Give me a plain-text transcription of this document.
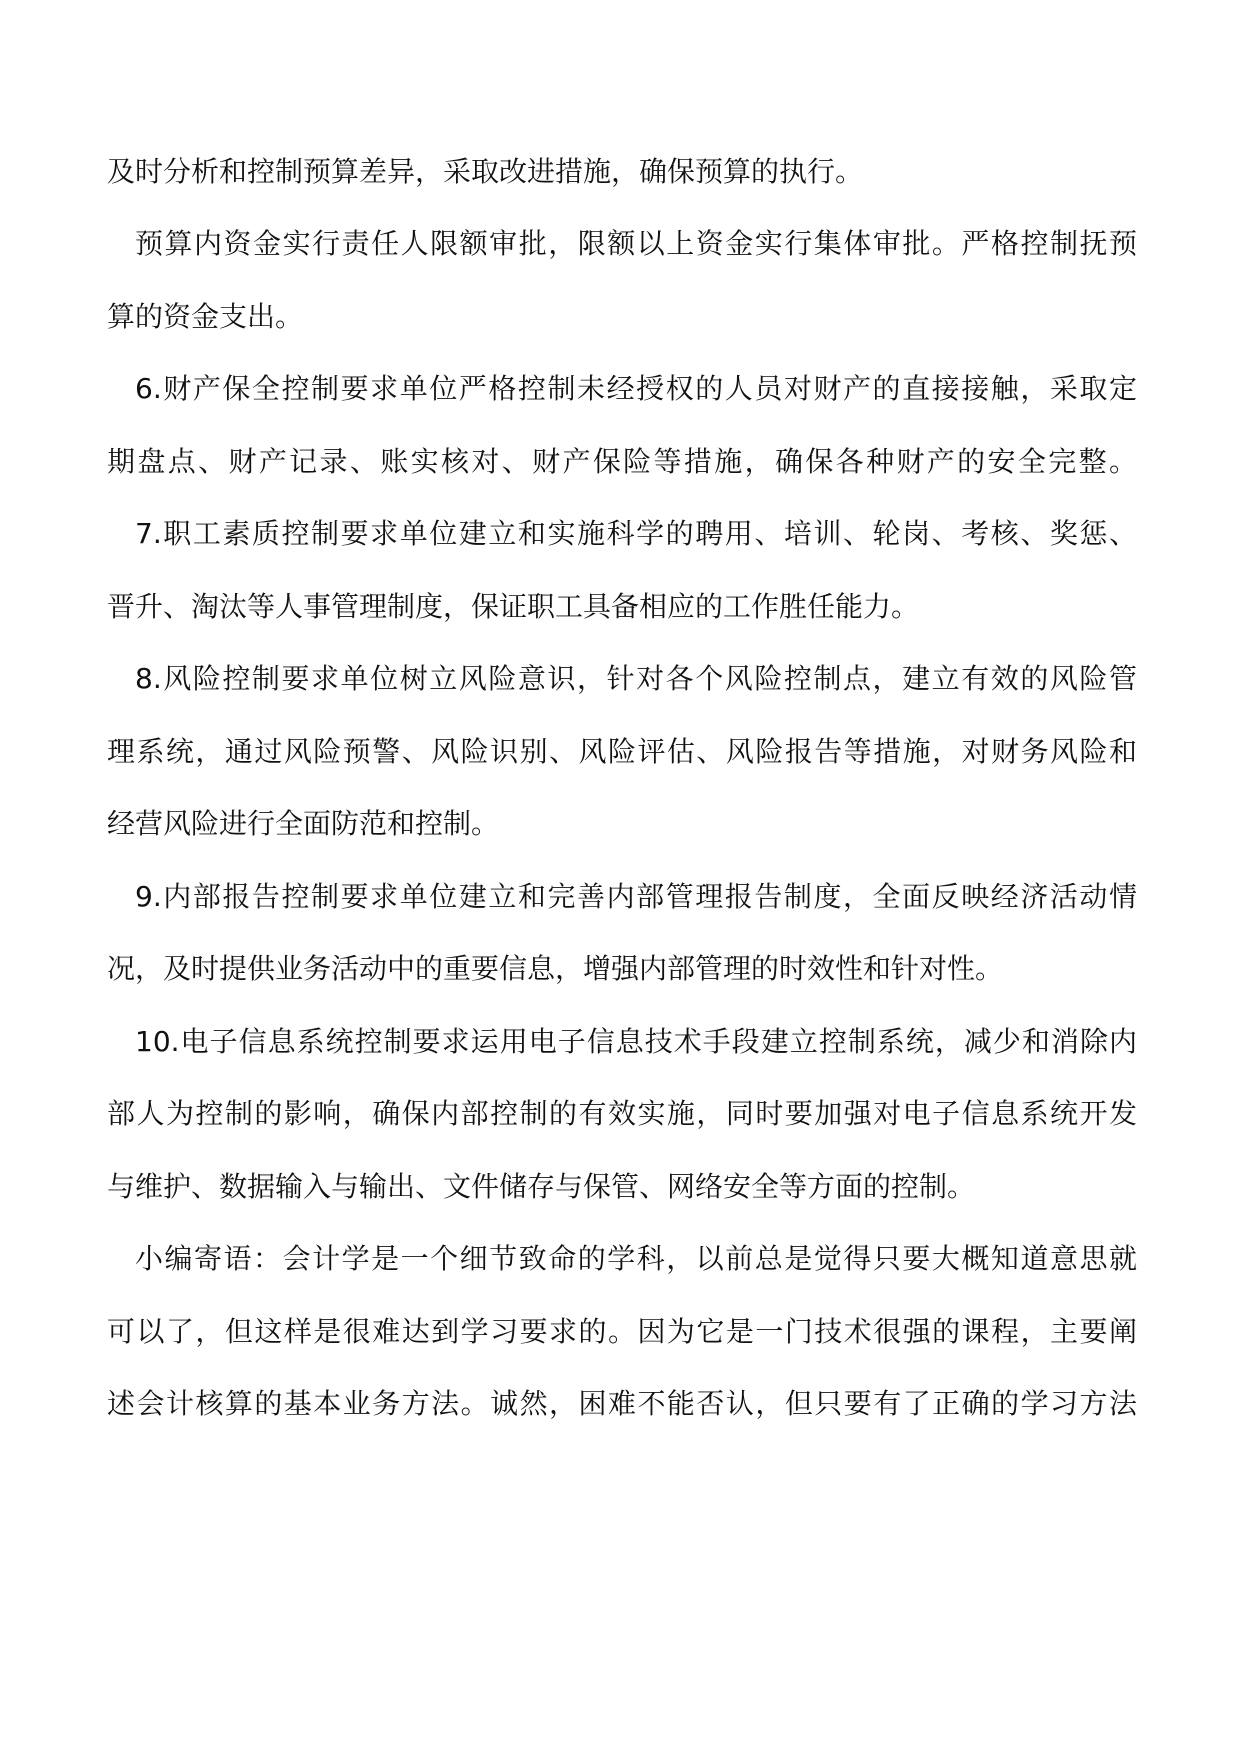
及时分析和控制预算差异，采取改进措施，确保预算的执行。
预算内资金实行责任人限额审批，限额以上资金实行集体审批。严格控制抚预
算的资金支出。
6.财产保全控制要求单位严格控制未经授权的人员对财产的直接接触，采取定
期盘点、财产记录、账实核对、财产保险等措施，确保各种财产的安全完整。
7.职工素质控制要求单位建立和实施科学的聘用、培训、轮岗、考核、奖惩、
晋升、淘汰等人事管理制度，保证职工具备相应的工作胜任能力。
8.风险控制要求单位树立风险意识，针对各个风险控制点，建立有效的风险管
理系统，通过风险预警、风险识别、风险评估、风险报告等措施，对财务风险和
经营风险进行全面防范和控制。
9.内部报告控制要求单位建立和完善内部管理报告制度，全面反映经济活动情
况，及时提供业务活动中的重要信息，增强内部管理的时效性和针对性。
10.电子信息系统控制要求运用电子信息技术手段建立控制系统，减少和消除内
部人为控制的影响，确保内部控制的有效实施，同时要加强对电子信息系统开发
与维护、数据输入与输出、文件储存与保管、网络安全等方面的控制。
小编寄语：会计学是一个细节致命的学科，以前总是觉得只要大概知道意思就
可以了，但这样是很难达到学习要求的。因为它是一门技术很强的课程，主要阐
述会计核算的基本业务方法。诚然，困难不能否认，但只要有了正确的学习方法
